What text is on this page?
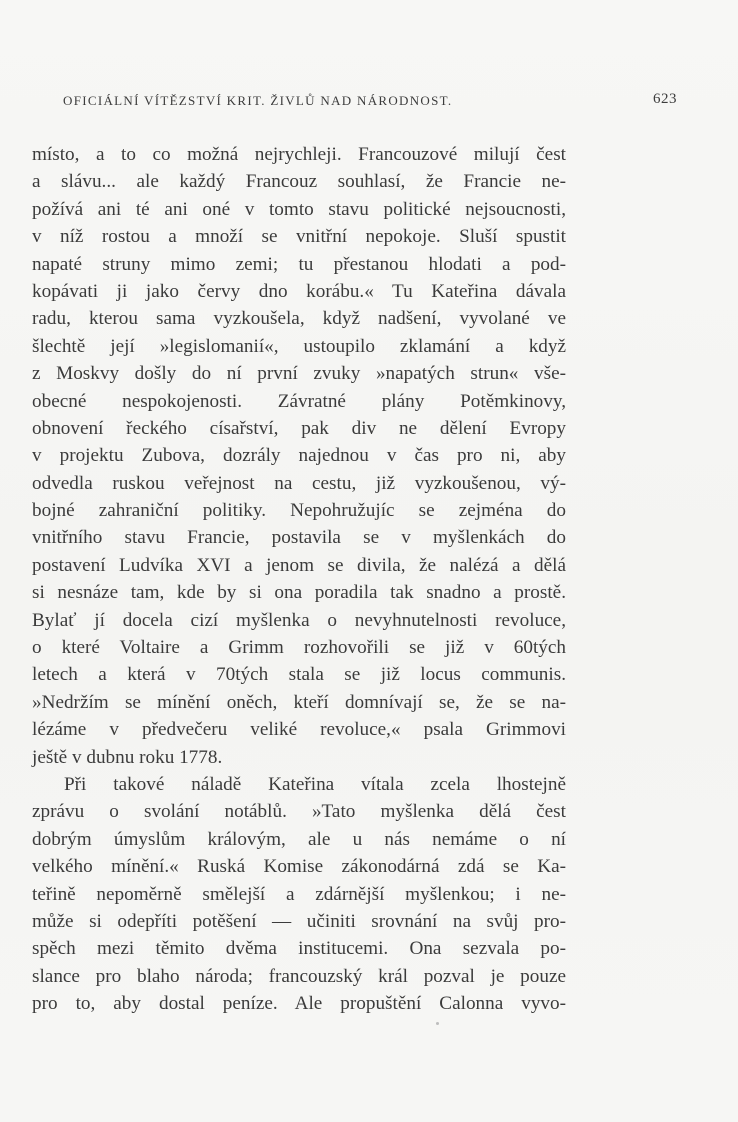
OFICIÁLNÍ VÍTĚZSTVÍ KRIT. ŽIVLŮ NAD NÁRODNOST.	623
místo, a to co možná nejrychleji. Francouzové milují čest
a slávu... ale každý Francouz souhlasí, že Francie ne-
požívá ani té ani oné v tomto stavu politické nejsoucnosti,
v níž rostou a množí se vnitřní nepokoje. Sluší spustit
napaté struny mimo zemi; tu přestanou hlodati a pod-
kopávati ji jako červy dno korábu.« Tu Kateřina dávala
radu, kterou sama vyzkoušela, když nadšení, vyvolané ve
šlechtě její »legislomanií«, ustoupilo zklamání a když
z Moskvy došly do ní první zvuky »napatých strun« vše-
obecné nespokojenosti. Závratné plány Potěmkinovy,
obnovení řeckého císařství, pak div ne dělení Evropy
v projektu Zubova, dozrály najednou v čas pro ni, aby
odvedla ruskou veřejnost na cestu, již vyzkoušenou, vý-
bojné zahraniční politiky. Nepohružujíc se zejména do
vnitřního stavu Francie, postavila se v myšlenkách do
postavení Ludvíka XVI a jenom se divila, že nalézá a dělá
si nesnáze tam, kde by si ona poradila tak snadno a prostě.
Bylať jí docela cizí myšlenka o nevyhnutelnosti revoluce,
o které Voltaire a Grimm rozhovořili se již v 60tých
letech a která v 70tých stala se již locus communis.
»Nedržím se mínění oněch, kteří domnívají se, že se na-
lézáme v předvečeru veliké revoluce,« psala Grimmovi
ještě v dubnu roku 1778.
Při takové náladě Kateřina vítala zcela lhostejně
zprávu o svolání notáblů. »Tato myšlenka dělá čest
dobrým úmyslům královým, ale u nás nemáme o ní
velkého mínění.« Ruská Komise zákonodárná zdá se Ka-
teřině nepoměrně smělejší a zdárnější myšlenkou; i ne-
může si odepříti potěšení — učiniti srovnání na svůj pro-
spěch mezi těmito dvěma institucemi. Ona sezvala po-
slance pro blaho národa; francouzský král pozval je pouze
pro to, aby dostal peníze. Ale propuštění Calonna vyvo-
